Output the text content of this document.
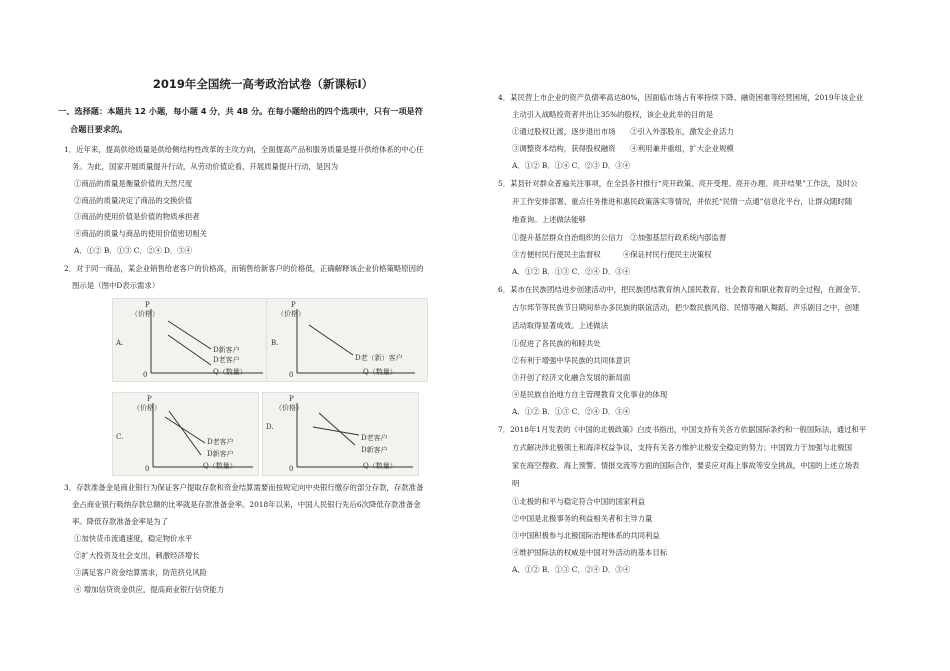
2019年全国统一高考政治试卷（新课标Ⅰ）
一、选择题：本题共 12 小题，每小题 4 分，共 48 分。在每小题给出的四个选项中，只有一项是符
合题目要求的。
1．近年来，提高供给质量是供给侧结构性改革的主攻方向，全面提高产品和服务质量是提升供给体系的中心任
务。为此，国家开展质量提升行动，从劳动价值论看，开展质量提升行动，是因为
①商品的质量是衡量价值的天然尺度
②商品的质量决定了商品的交换价值
③商品的使用价值是价值的物质承担者
④商品的质量与商品的使用价值密切相关
A．①② B．①③ C．②④ D．③④
2．对于同一商品，某企业销售给老客户的价格高，而销售给新客户的价格低，正确解释该企业价格策略原因的
图示是（图中D表示需求）
A.
P
（价格）
0	Q（数量）
D新客户
D老客户
B.
P
（价格）
0	Q（数量）
D老（新）客户
C.
P
（价格）
0	Q（数量）
D老客户
D新客户
D.
P
（价格）
0	Q（数量）
D老客户
D新客户
3．存款准备金是商业银行为保证客户提取存款和资金结算需要而按规定向中央银行缴存的部分存款，存款准备
金占商业银行吸纳存款总额的比率就是存款准备金率。2018年以来，中国人民银行先后6次降低存款准备金
率。降低存款准备金率是为了
①加快货币流通速度，稳定物价水平
②扩大投资及社会支出，刺激经济增长
③满足客户资金结算需求，防范挤兑风险
④ 增加信贷资金供应，提高商业银行信贷能力
4．某民营上市企业的资产负债率高达80%，因面临市场占有率持续下降、融资困难等经营困境，2019年该企业
主动引入战略投资者并出让35%的股权，该企业此举的目的是
①通过股权让渡，逐步退出市场　　②引入外部股东，激发企业活力
③调整资本结构，获得股权融资　　④利用兼并重组，扩大企业规模
A．①② B．①④ C．②③ D．③④
5．某县针对群众普遍关注事项，在全县各村推行“亮开政策、亮开受理、亮开办理、亮开结果”工作法，及时公
开工作安排部署、重点任务推进和惠民政策落实等情况，并依托“民情一点通”信息化平台，让群众随时随
地查询。上述做法能够
①提升基层群众自治组织的公信力　②加强基层行政系统内部监督
③方便村民行使民主监督权　　　④保证村民行使民主决策权
A．①② B．①③ C．②④ D．③④
6．某市在民族团结进步创建活动中，把民族团结教育纳入国民教育、社会教育和职业教育的全过程，在源金节、
古尔邦节等民族节日期间举办多民族的联谊活动，把少数民族风俗、民情等融入舞蹈、声乐剧目之中，创建
活动取得显著成效。上述做法
①促进了各民族的和睦共处
②有利于增强中华民族的共同体意识
③开创了经济文化融合发展的新局面
④是民族自治地方自主管理教育文化事业的体现
A．①② B．①③ C．②④ D．③④
7．2018年1月发表的《中国的北极政策》白皮书指出，中国支持有关各方依据国际条约和一般国际法，通过和平
方式解决涉北极领土和海洋权益争议，支持有关各方维护北极安全稳定的努力；中国致力于加强与北极国
家在海空搜救、海上预警、情报交流等方面的国际合作，要妥应对海上事故等安全挑战，中国的上述立场表
明
①北极的和平与稳定符合中国的国家利益
②中国是北极事务的利益相关者和主导力量
③中国积极参与北极国际治理体系的共同利益
④维护国际法的权威是中国对外活动的基本目标
A．①② B．①③ C．②④ D．③④
